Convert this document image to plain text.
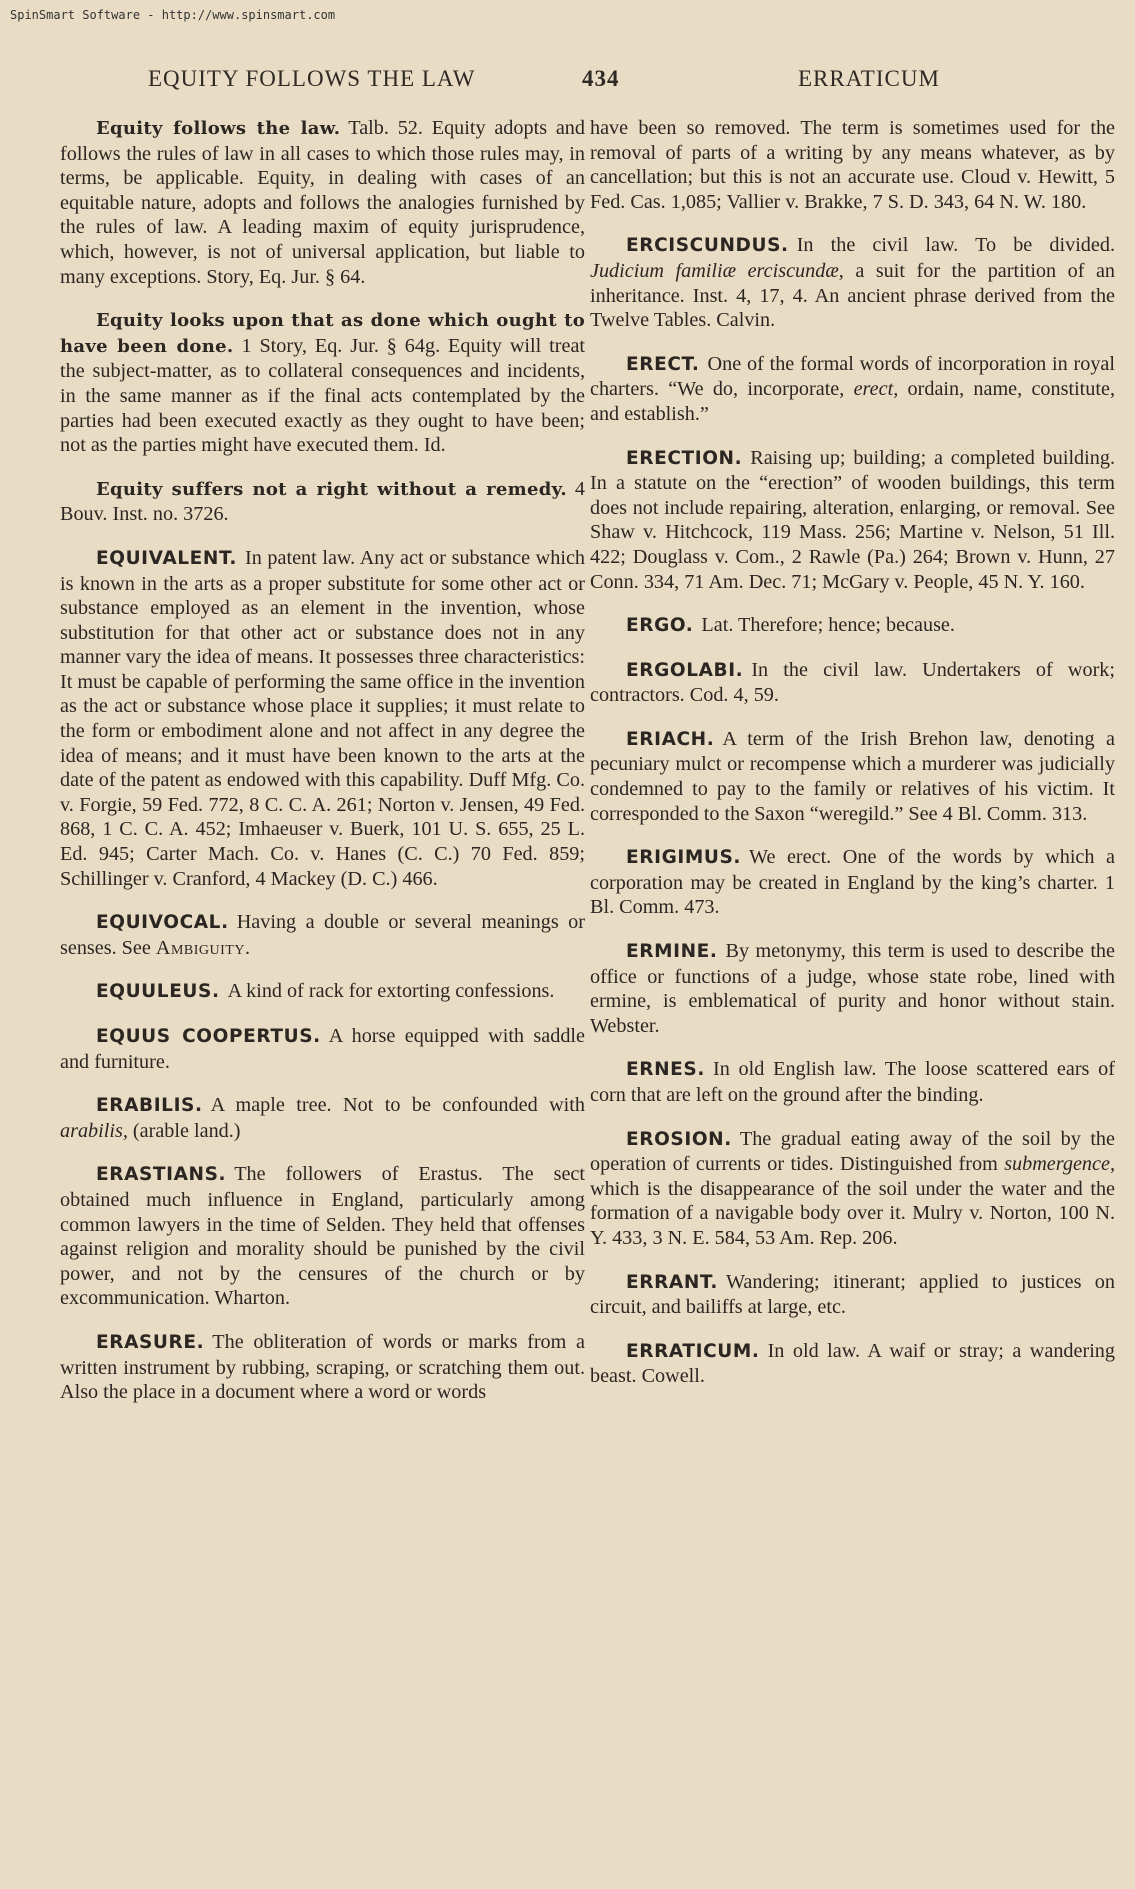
SpinSmart Software - http://www.spinsmart.com
EQUITY FOLLOWS THE LAW	434	ERRATICUM

Equity follows the law. Talb. 52. Equity adopts and follows the rules of law in all cases to which those rules may, in terms, be applicable. Equity, in dealing with cases of an equitable nature, adopts and follows the analogies furnished by the rules of law. A leading maxim of equity jurisprudence, which, however, is not of universal application, but liable to many exceptions. Story, Eq. Jur. § 64.

Equity looks upon that as done which ought to have been done. 1 Story, Eq. Jur. § 64g. Equity will treat the subject-matter, as to collateral consequences and incidents, in the same manner as if the final acts contemplated by the parties had been executed exactly as they ought to have been; not as the parties might have executed them. Id.

Equity suffers not a right without a remedy. 4 Bouv. Inst. no. 3726.

EQUIVALENT. In patent law. Any act or substance which is known in the arts as a proper substitute for some other act or substance employed as an element in the invention, whose substitution for that other act or substance does not in any manner vary the idea of means. It possesses three characteristics: It must be capable of performing the same office in the invention as the act or substance whose place it supplies; it must relate to the form or embodiment alone and not affect in any degree the idea of means; and it must have been known to the arts at the date of the patent as endowed with this capability. Duff Mfg. Co. v. Forgie, 59 Fed. 772, 8 C. C. A. 261; Norton v. Jensen, 49 Fed. 868, 1 C. C. A. 452; Imhaeuser v. Buerk, 101 U. S. 655, 25 L. Ed. 945; Carter Mach. Co. v. Hanes (C. C.) 70 Fed. 859; Schillinger v. Cranford, 4 Mackey (D. C.) 466.

EQUIVOCAL. Having a double or several meanings or senses. See Ambiguity.

EQUULEUS. A kind of rack for extorting confessions.

EQUUS COOPERTUS. A horse equipped with saddle and furniture.

ERABILIS. A maple tree. Not to be confounded with arabilis, (arable land.)

ERASTIANS. The followers of Erastus. The sect obtained much influence in England, particularly among common lawyers in the time of Selden. They held that offenses against religion and morality should be punished by the civil power, and not by the censures of the church or by excommunication. Wharton.

ERASURE. The obliteration of words or marks from a written instrument by rubbing, scraping, or scratching them out. Also the place in a document where a word or words

have been so removed. The term is sometimes used for the removal of parts of a writing by any means whatever, as by cancellation; but this is not an accurate use. Cloud v. Hewitt, 5 Fed. Cas. 1,085; Vallier v. Brakke, 7 S. D. 343, 64 N. W. 180.

ERCISCUNDUS. In the civil law. To be divided. Judicium familiæ erciscundæ, a suit for the partition of an inheritance. Inst. 4, 17, 4. An ancient phrase derived from the Twelve Tables. Calvin.

ERECT. One of the formal words of incorporation in royal charters. “We do, incorporate, erect, ordain, name, constitute, and establish.”

ERECTION. Raising up; building; a completed building. In a statute on the “erection” of wooden buildings, this term does not include repairing, alteration, enlarging, or removal. See Shaw v. Hitchcock, 119 Mass. 256; Martine v. Nelson, 51 Ill. 422; Douglass v. Com., 2 Rawle (Pa.) 264; Brown v. Hunn, 27 Conn. 334, 71 Am. Dec. 71; McGary v. People, 45 N. Y. 160.

ERGO. Lat. Therefore; hence; because.

ERGOLABI. In the civil law. Undertakers of work; contractors. Cod. 4, 59.

ERIACH. A term of the Irish Brehon law, denoting a pecuniary mulct or recompense which a murderer was judicially condemned to pay to the family or relatives of his victim. It corresponded to the Saxon “weregild.” See 4 Bl. Comm. 313.

ERIGIMUS. We erect. One of the words by which a corporation may be created in England by the king’s charter. 1 Bl. Comm. 473.

ERMINE. By metonymy, this term is used to describe the office or functions of a judge, whose state robe, lined with ermine, is emblematical of purity and honor without stain. Webster.

ERNES. In old English law. The loose scattered ears of corn that are left on the ground after the binding.

EROSION. The gradual eating away of the soil by the operation of currents or tides. Distinguished from submergence, which is the disappearance of the soil under the water and the formation of a navigable body over it. Mulry v. Norton, 100 N. Y. 433, 3 N. E. 584, 53 Am. Rep. 206.

ERRANT. Wandering; itinerant; applied to justices on circuit, and bailiffs at large, etc.

ERRATICUM. In old law. A waif or stray; a wandering beast. Cowell.
